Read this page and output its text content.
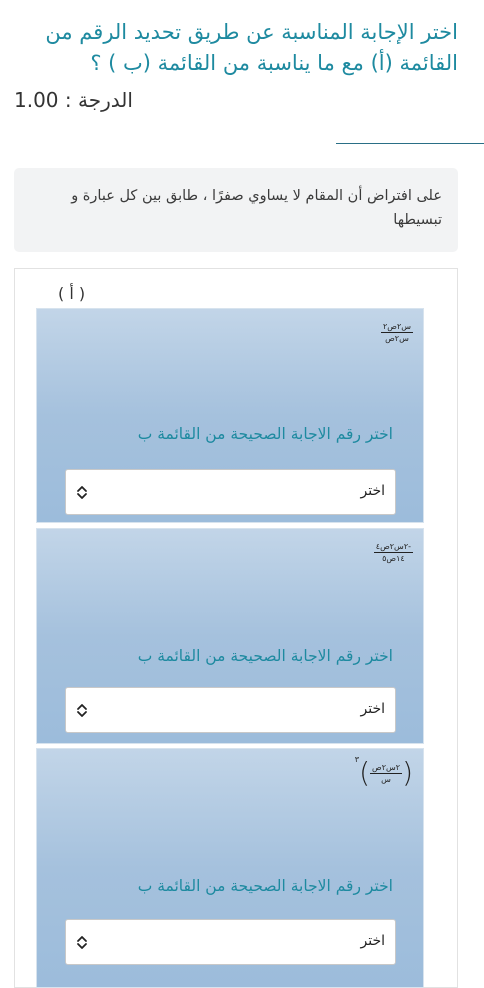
اختر الإجابة المناسبة عن طريق تحديد الرقم من القائمة (أ) مع ما يناسبة من القائمة (ب ) ؟
الدرجة : 1.00
على افتراض أن المقام لا يساوي صفرًا ، طابق بين كل عبارة و تبسيطها
( أ )
$\frac{\text{س٢ص٢}}{\text{س٢ص}}$
اختر رقم الاجابة الصحيحة من القائمة ب
اختر
$\frac{\text{-٢س٢ص٤}}{\text{١٤ص٥}}$
اختر رقم الاجابة الصحيحة من القائمة ب
اختر
(
$\frac{\text{٢س٢ص}}{\text{س}}$
)٣
اختر رقم الاجابة الصحيحة من القائمة ب
اختر
